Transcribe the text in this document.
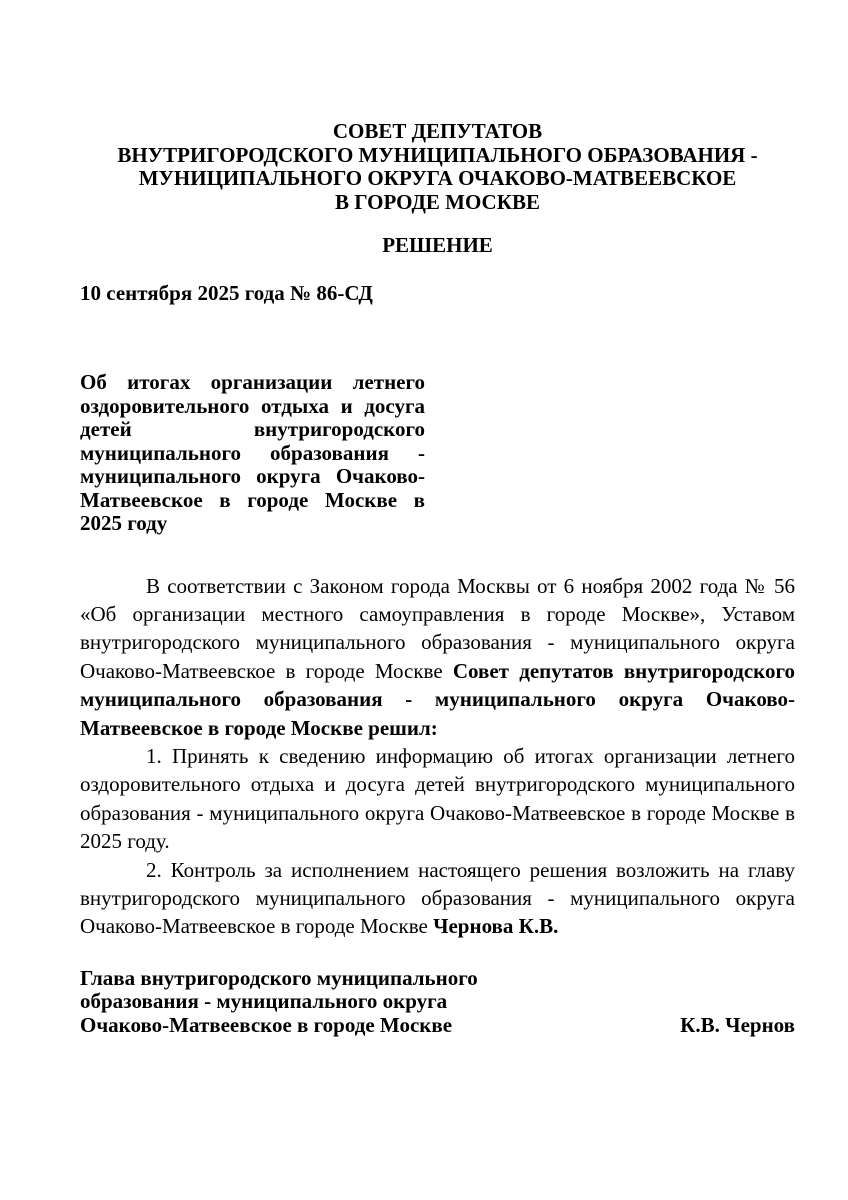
СОВЕТ ДЕПУТАТОВ
ВНУТРИГОРОДСКОГО МУНИЦИПАЛЬНОГО ОБРАЗОВАНИЯ -
МУНИЦИПАЛЬНОГО ОКРУГА ОЧАКОВО-МАТВЕЕВСКОЕ
В ГОРОДЕ МОСКВЕ
РЕШЕНИЕ
10 сентября 2025 года № 86-СД
Об итогах организации летнего оздоровительного отдыха и досуга детей внутригородского муниципального образования - муниципального округа Очаково-Матвеевское в городе Москве в 2025 году

В соответствии с Законом города Москвы от 6 ноября 2002 года № 56 «Об организации местного самоуправления в городе Москве», Уставом внутригородского муниципального образования - муниципального округа Очаково-Матвеевское в городе Москве Совет депутатов внутригородского муниципального образования - муниципального округа Очаково-Матвеевское в городе Москве решил:

1. Принять к сведению информацию об итогах организации летнего оздоровительного отдыха и досуга детей внутригородского муниципального образования - муниципального округа Очаково-Матвеевское в городе Москве в 2025 году.

2. Контроль за исполнением настоящего решения возложить на главу внутригородского муниципального образования - муниципального округа Очаково-Матвеевское в городе Москве Чернова К.В.

Глава внутригородского муниципального
образования - муниципального округа
Очаково-Матвеевское в городе Москве	К.В. Чернов
